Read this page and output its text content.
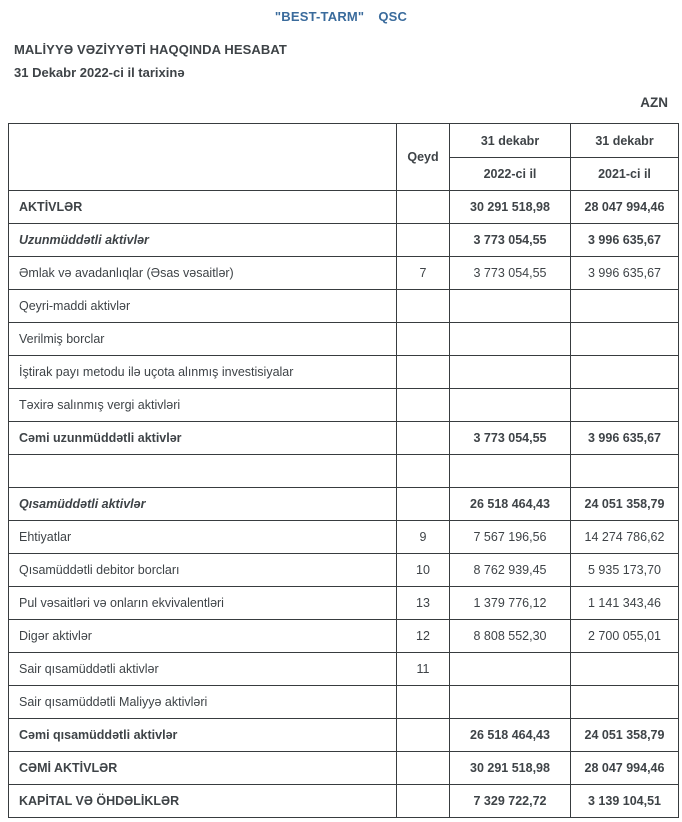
"BEST-TARM" QSC
MALİYYƏ VƏZİYYƏTİ HAQQINDA HESABAT
31 Dekabr 2022-ci il tarixinə
AZN
	Qeyd	31 dekabr	31 dekabr
		2022-ci il	2021-ci il
AKTİVLƏR		30 291 518,98	28 047 994,46
Uzunmüddətli aktivlər		3 773 054,55	3 996 635,67
Əmlak və avadanlıqlar (Əsas vəsaitlər)	7	3 773 054,55	3 996 635,67
Qeyri-maddi aktivlər			
Verilmiş borclar			
İştirak payı metodu ilə uçota alınmış investisiyalar			
Təxirə salınmış vergi aktivləri			
Cəmi uzunmüddətli aktivlər		3 773 054,55	3 996 635,67

Qısamüddətli aktivlər		26 518 464,43	24 051 358,79
Ehtiyatlar	9	7 567 196,56	14 274 786,62
Qısamüddətli debitor borcları	10	8 762 939,45	5 935 173,70
Pul vəsaitləri və onların ekvivalentləri	13	1 379 776,12	1 141 343,46
Digər aktivlər	12	8 808 552,30	2 700 055,01
Sair qısamüddətli aktivlər	11		
Sair qısamüddətli Maliyyə aktivləri			
Cəmi qısamüddətli aktivlər		26 518 464,43	24 051 358,79
CƏMİ AKTİVLƏR		30 291 518,98	28 047 994,46
KAPİTAL VƏ ÖHDƏLİKLƏR		7 329 722,72	3 139 104,51
